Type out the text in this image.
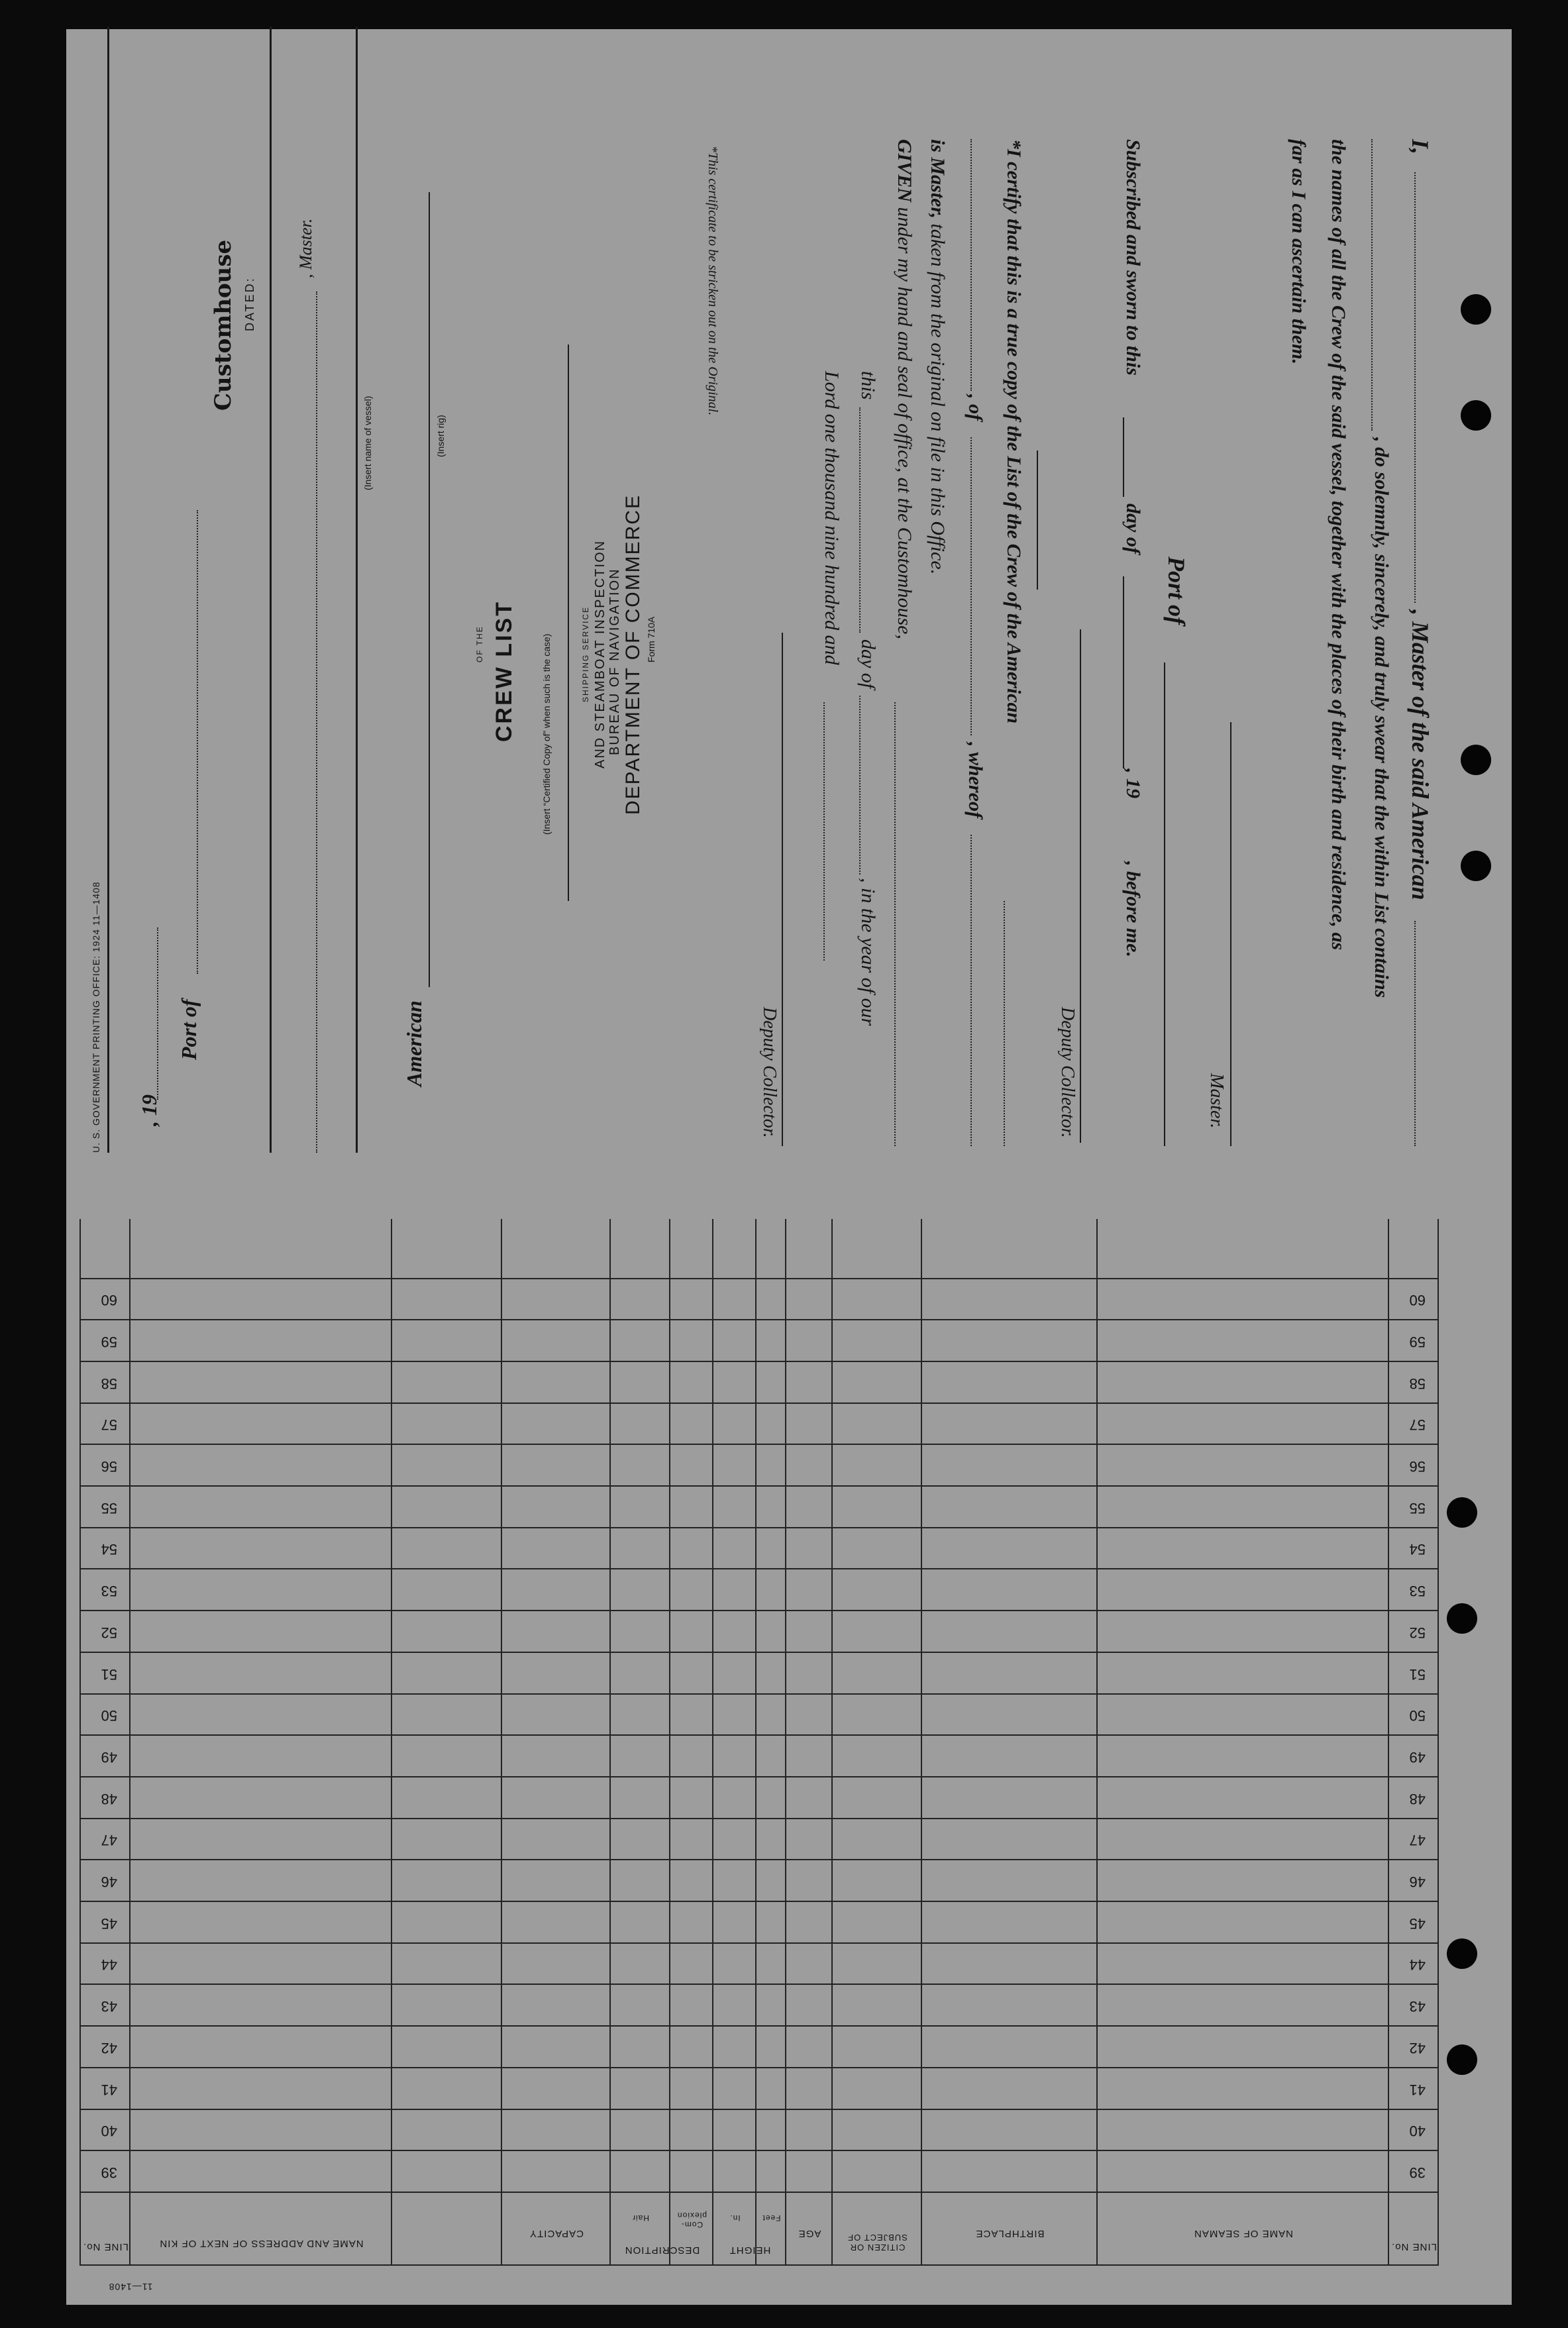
I,
, Master of the said American
, do solemnly, sincerely, and truly swear that the within List contains
the names of all the Crew of the said vessel, together with the places of their birth and residence, as
far as I can ascertain them.
Master.
Port of
Subscribed and sworn to this
day of
, 19
, before me.
Deputy Collector.
*I certify that this is a true copy of the List of the Crew of the American
, of
, whereof
is Master, taken from the original on file in this Office.
GIVEN under my hand and seal of office, at the Customhouse,
this
day of
, in the year of our
Lord one thousand nine hundred and
Deputy Collector.
*This certificate to be stricken out on the Original.
U. S. GOVERNMENT PRINTING OFFICE: 1924 11—1408 , 19
Port of
Customhouse DATED:
, Master.
(Insert name of vessel)
American
(Insert rig)
OF THE CREW LIST	(Insert “Certified Copy of” when such is the case)	SHIPPING SERVICE AND STEAMBOAT INSPECTION BUREAU OF NAVIGATION DEPARTMENT OF COMMERCE Form 710A
LINE No.
NAME OF SEAMAN
BIRTHPLACE
CITIZEN OR SUBJECT OF
AGE
HEIGHT
Feet
In.
DESCRIPTION
Com-plexion
Hair
CAPACITY
NAME AND ADDRESS OF NEXT OF KIN
LINE No.
11—1408
39
39
40
40
41
41
42
42
43
43
44
44
45
45
46
46
47
47
48
48
49
49
50
50
51
51
52
52
53
53
54
54
55
55
56
56
57
57
58
58
59
59
60
60
